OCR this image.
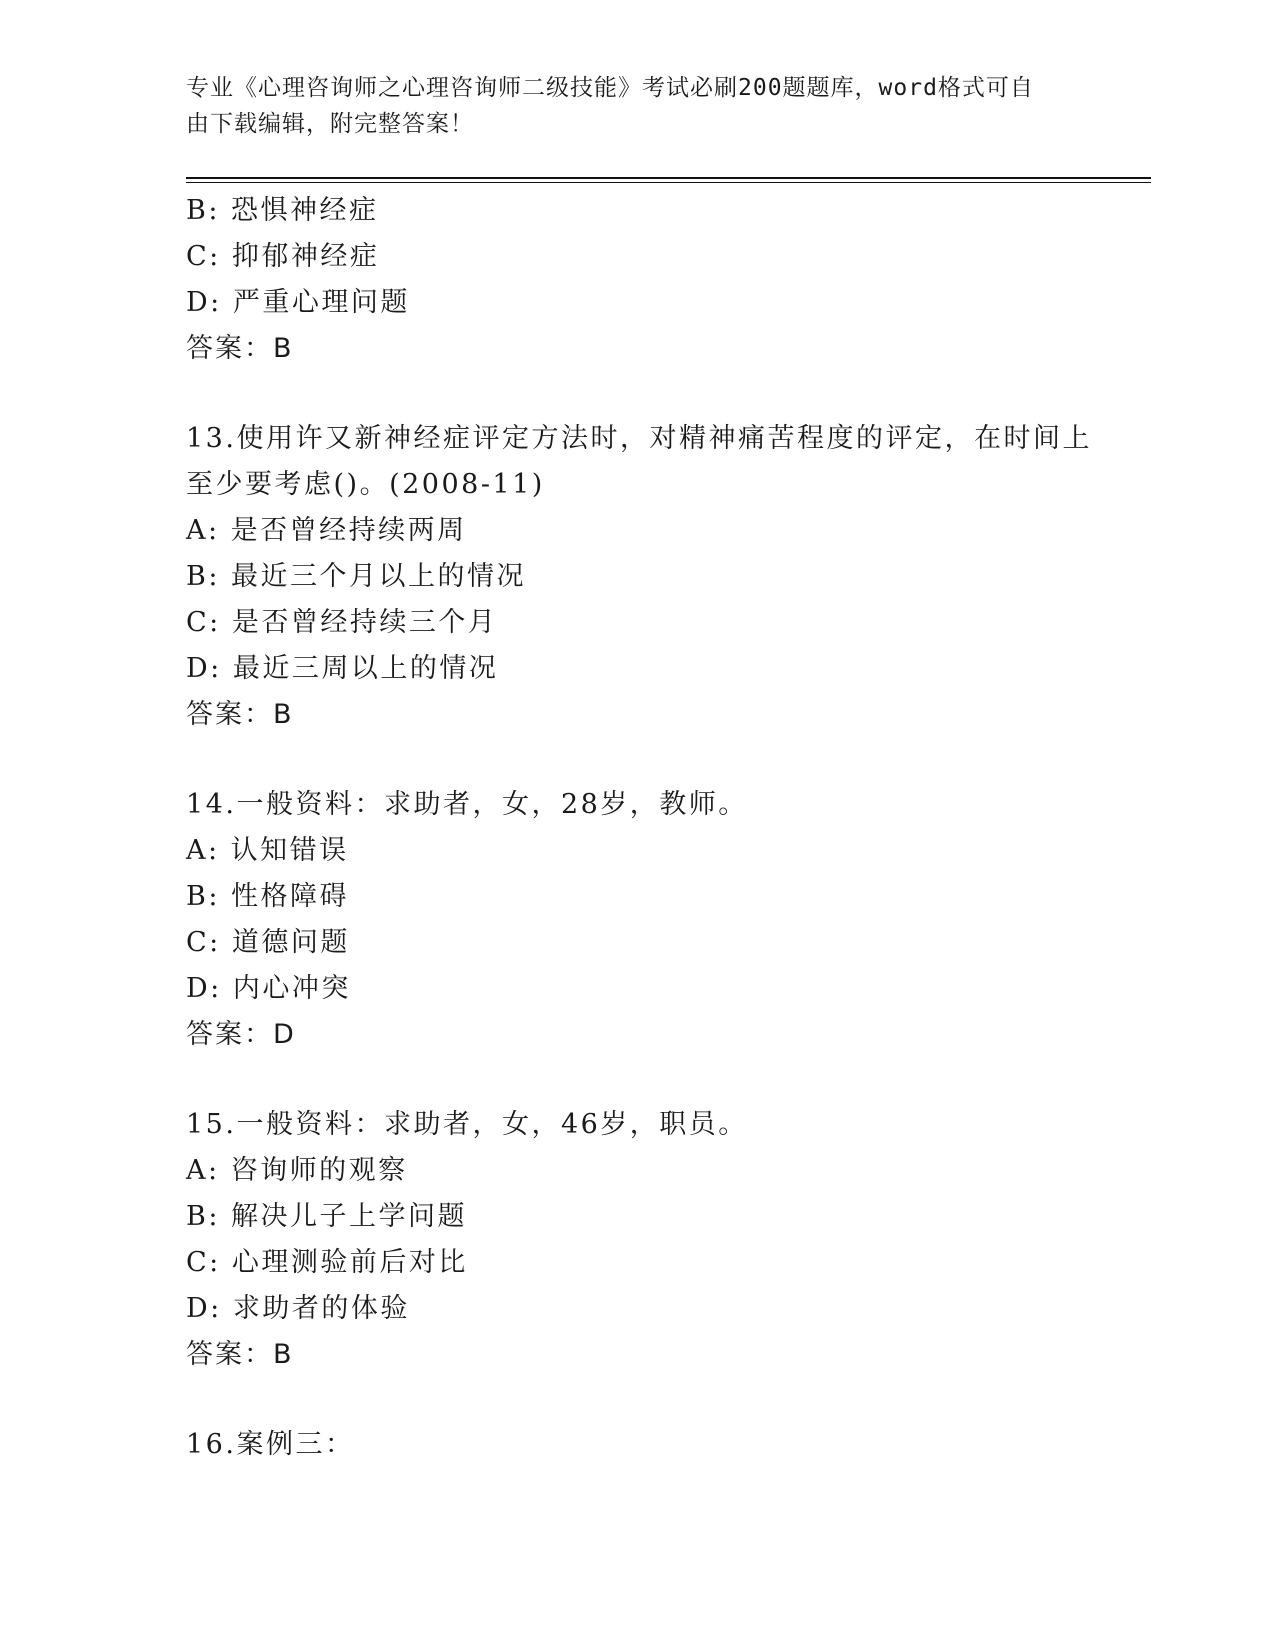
专业《心理咨询师之心理咨询师二级技能》考试必刷200题题库，word格式可自
由下载编辑，附完整答案！
B: 恐惧神经症
C: 抑郁神经症
D: 严重心理问题
答案：B
13.使用许又新神经症评定方法时，对精神痛苦程度的评定，在时间上
至少要考虑()。(2008-11)
A: 是否曾经持续两周
B: 最近三个月以上的情况
C: 是否曾经持续三个月
D: 最近三周以上的情况
答案：B
14.一般资料：求助者，女，28岁，教师。
A: 认知错误
B: 性格障碍
C: 道德问题
D: 内心冲突
答案：D
15.一般资料：求助者，女，46岁，职员。
A: 咨询师的观察
B: 解决儿子上学问题
C: 心理测验前后对比
D: 求助者的体验
答案：B
16.案例三：
